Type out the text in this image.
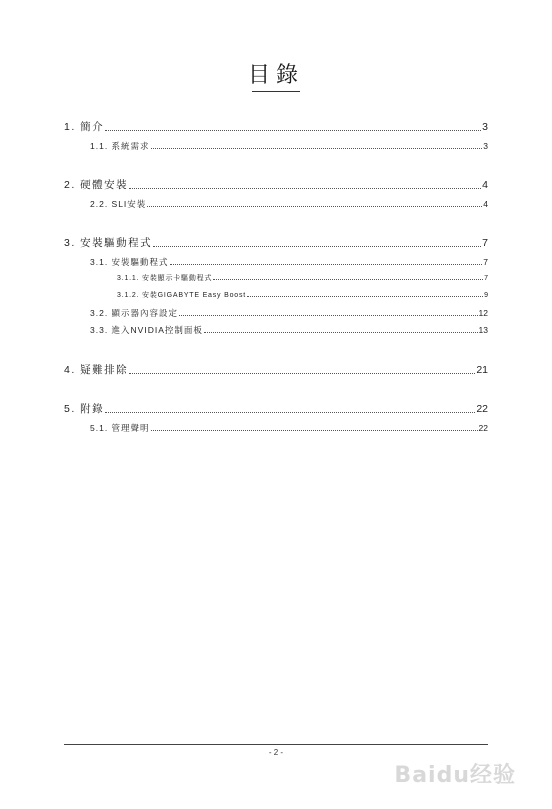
目錄
1. 簡介	3
1.1. 系統需求	3
2. 硬體安裝	4
2.2. SLI安裝	4
3. 安裝驅動程式	7
3.1. 安裝驅動程式	7
3.1.1. 安裝顯示卡驅動程式	7
3.1.2. 安裝GIGABYTE Easy Boost	9
3.2. 顯示器內容設定	12
3.3. 進入NVIDIA控制面板	13
4. 疑難排除	21
5. 附錄	22
5.1. 管理聲明	22
- 2 -
Baidu经验
